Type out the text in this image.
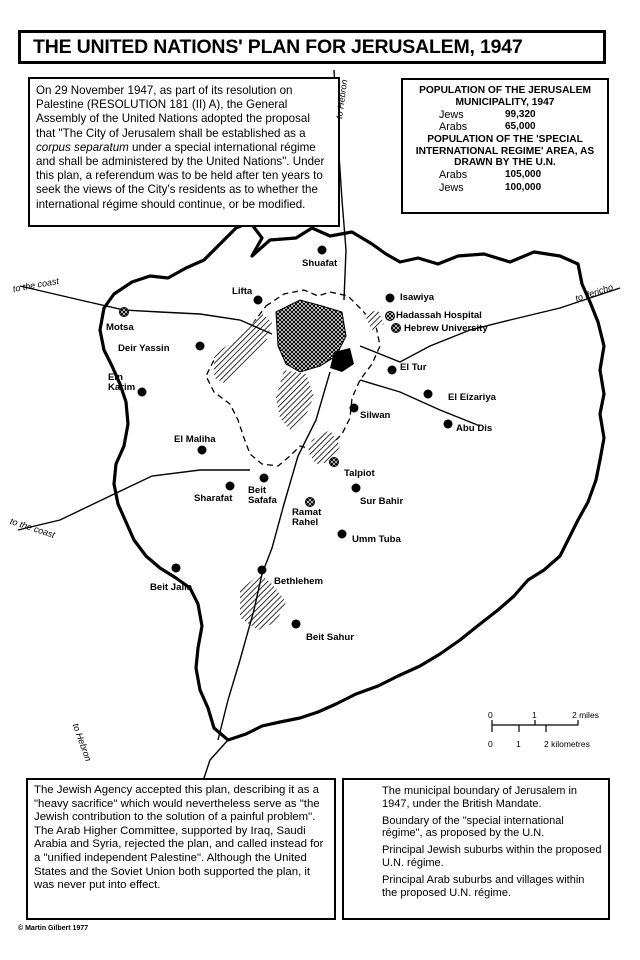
THE UNITED NATIONS' PLAN FOR JERUSALEM, 1947
On 29 November 1947, as part of its resolution on Palestine (RESOLUTION 181 (II) A), the General Assembly of the United Nations adopted the proposal that "The City of Jerusalem shall be established as a corpus separatum under a special international régime and shall be administered by the United Nations". Under this plan, a referendum was to be held after ten years to seek the views of the City's residents as to whether the international régime should continue, or be modified.
POPULATION OF THE JERUSALEM MUNICIPALITY, 1947
Jews	99,320
Arabs	65,000
POPULATION OF THE 'SPECIAL INTERNATIONAL REGIME' AREA, AS DRAWN BY THE U.N.
Arabs	105,000
Jews	100,000
The Jewish Agency accepted this plan, describing it as a "heavy sacrifice" which would nevertheless serve as "the Jewish contribution to the solution of a painful problem". The Arab Higher Committee, supported by Iraq, Saudi Arabia and Syria, rejected the plan, and called instead for a "unified independent Palestine". Although the United States and the Soviet Union both supported the plan, it was never put into effect.
The municipal boundary of Jerusalem in 1947, under the British Mandate.
Boundary of the "special international régime", as proposed by the U.N.
Principal Jewish suburbs within the proposed U.N. régime.
Principal Arab suburbs and villages within the proposed U.N. régime.
to Hebron
to the coast	to Jericho
to the coast
to Hebron
Shuafat
Lifta
Isawiya
Hadassah Hospital
Hebrew University
Motsa
Deir Yassin
Ein Karim
El Tur
El Eizariya
Silwan
Abu Dis
El Maliha
Talpiot
Sharafat
Beit Safafa	Sur Bahir
Ramat Rahel
Umm Tuba
Beit Jalla
Bethlehem
Beit Sahur
0	1	2 miles
0	1	2 kilometres
© Martin Gilbert 1977
